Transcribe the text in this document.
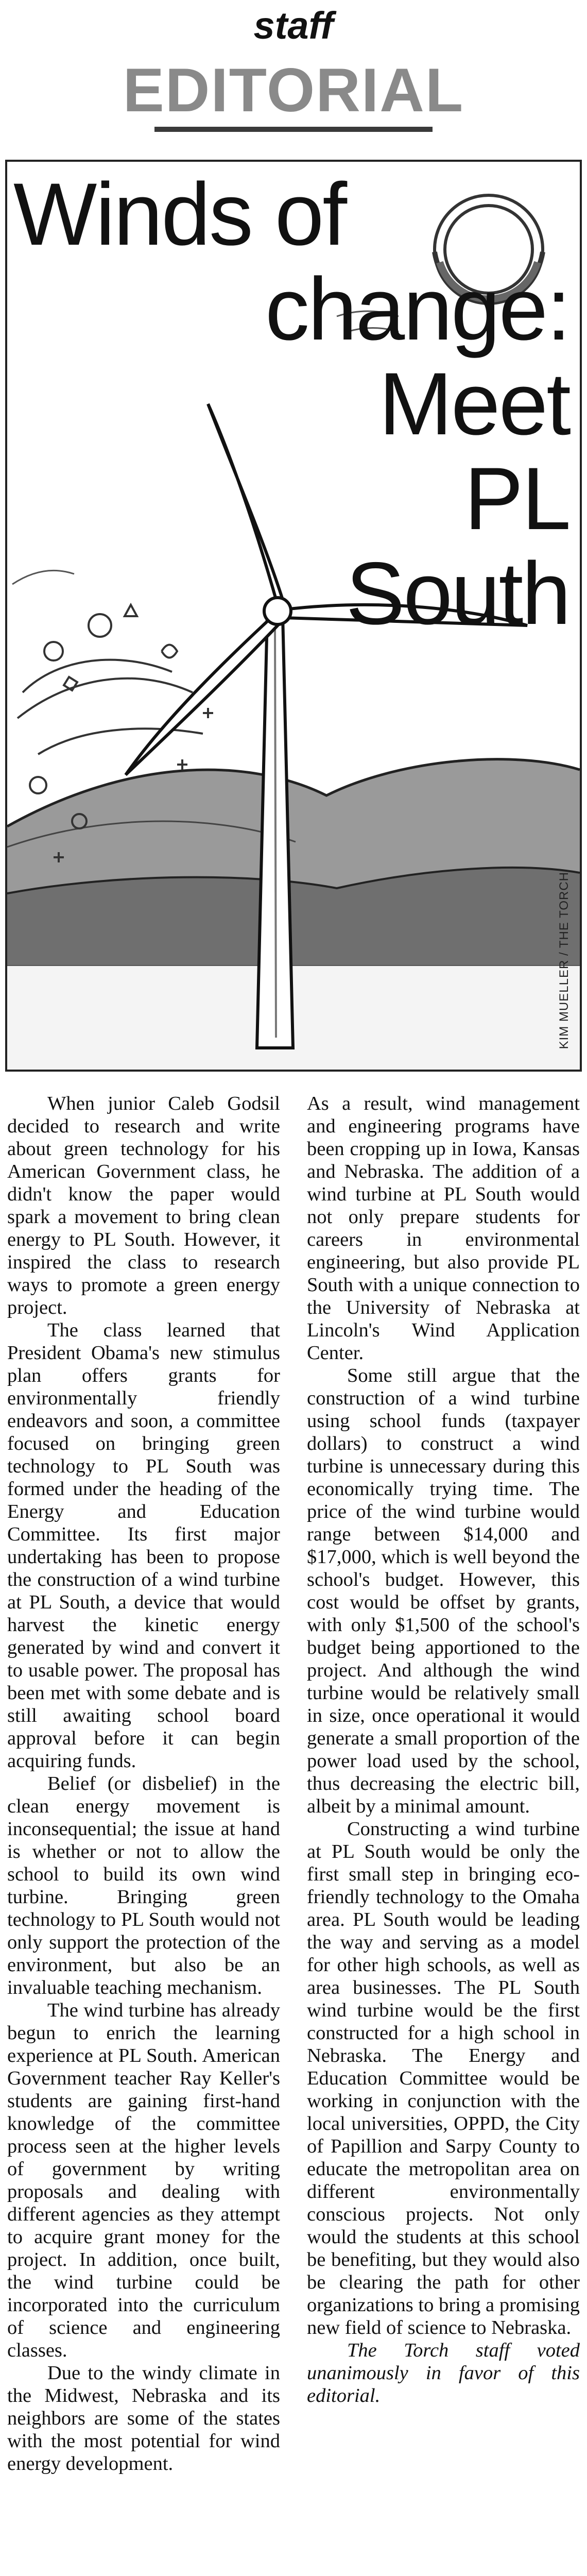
staff
EDITORIAL
Winds of
change:
Meet
PL
South
KIM MUELLER / THE TORCH

When junior Caleb Godsil decided to research and write about green technology for his American Government class, he didn't know the paper would spark a movement to bring clean energy to PL South. However, it inspired the class to research ways to promote a green energy project.

The class learned that President Obama's new stimulus plan offers grants for environmentally friendly endeavors and soon, a committee focused on bringing green technology to PL South was formed under the heading of the Energy and Education Committee. Its first major undertaking has been to propose the construction of a wind turbine at PL South, a device that would harvest the kinetic energy generated by wind and convert it to usable power. The proposal has been met with some debate and is still awaiting school board approval before it can begin acquiring funds.

Belief (or disbelief) in the clean energy movement is inconsequential; the issue at hand is whether or not to allow the school to build its own wind turbine. Bringing green technology to PL South would not only support the protection of the environment, but also be an invaluable teaching mechanism.

The wind turbine has already begun to enrich the learning experience at PL South. American Government teacher Ray Keller's students are gaining first-hand knowledge of the committee process seen at the higher levels of government by writing proposals and dealing with different agencies as they attempt to acquire grant money for the project. In addition, once built, the wind turbine could be incorporated into the curriculum of science and engineering classes.

Due to the windy climate in the Midwest, Nebraska and its neighbors are some of the states with the most potential for wind energy development.

As a result, wind management and engineering programs have been cropping up in Iowa, Kansas and Nebraska. The addition of a wind turbine at PL South would not only prepare students for careers in environmental engineering, but also provide PL South with a unique connection to the University of Nebraska at Lincoln's Wind Application Center.

Some still argue that the construction of a wind turbine using school funds (taxpayer dollars) to construct a wind turbine is unnecessary during this economically trying time. The price of the wind turbine would range between $14,000 and $17,000, which is well beyond the school's budget. However, this cost would be offset by grants, with only $1,500 of the school's budget being apportioned to the project. And although the wind turbine would be relatively small in size, once operational it would generate a small proportion of the power load used by the school, thus decreasing the electric bill, albeit by a minimal amount.

Constructing a wind turbine at PL South would be only the first small step in bringing eco-friendly technology to the Omaha area. PL South would be leading the way and serving as a model for other high schools, as well as area businesses. The PL South wind turbine would be the first constructed for a high school in Nebraska. The Energy and Education Committee would be working in conjunction with the local universities, OPPD, the City of Papillion and Sarpy County to educate the metropolitan area on different environmentally conscious projects. Not only would the students at this school be benefiting, but they would also be clearing the path for other organizations to bring a promising new field of science to Nebraska.

The Torch staff voted unanimously in favor of this editorial.
